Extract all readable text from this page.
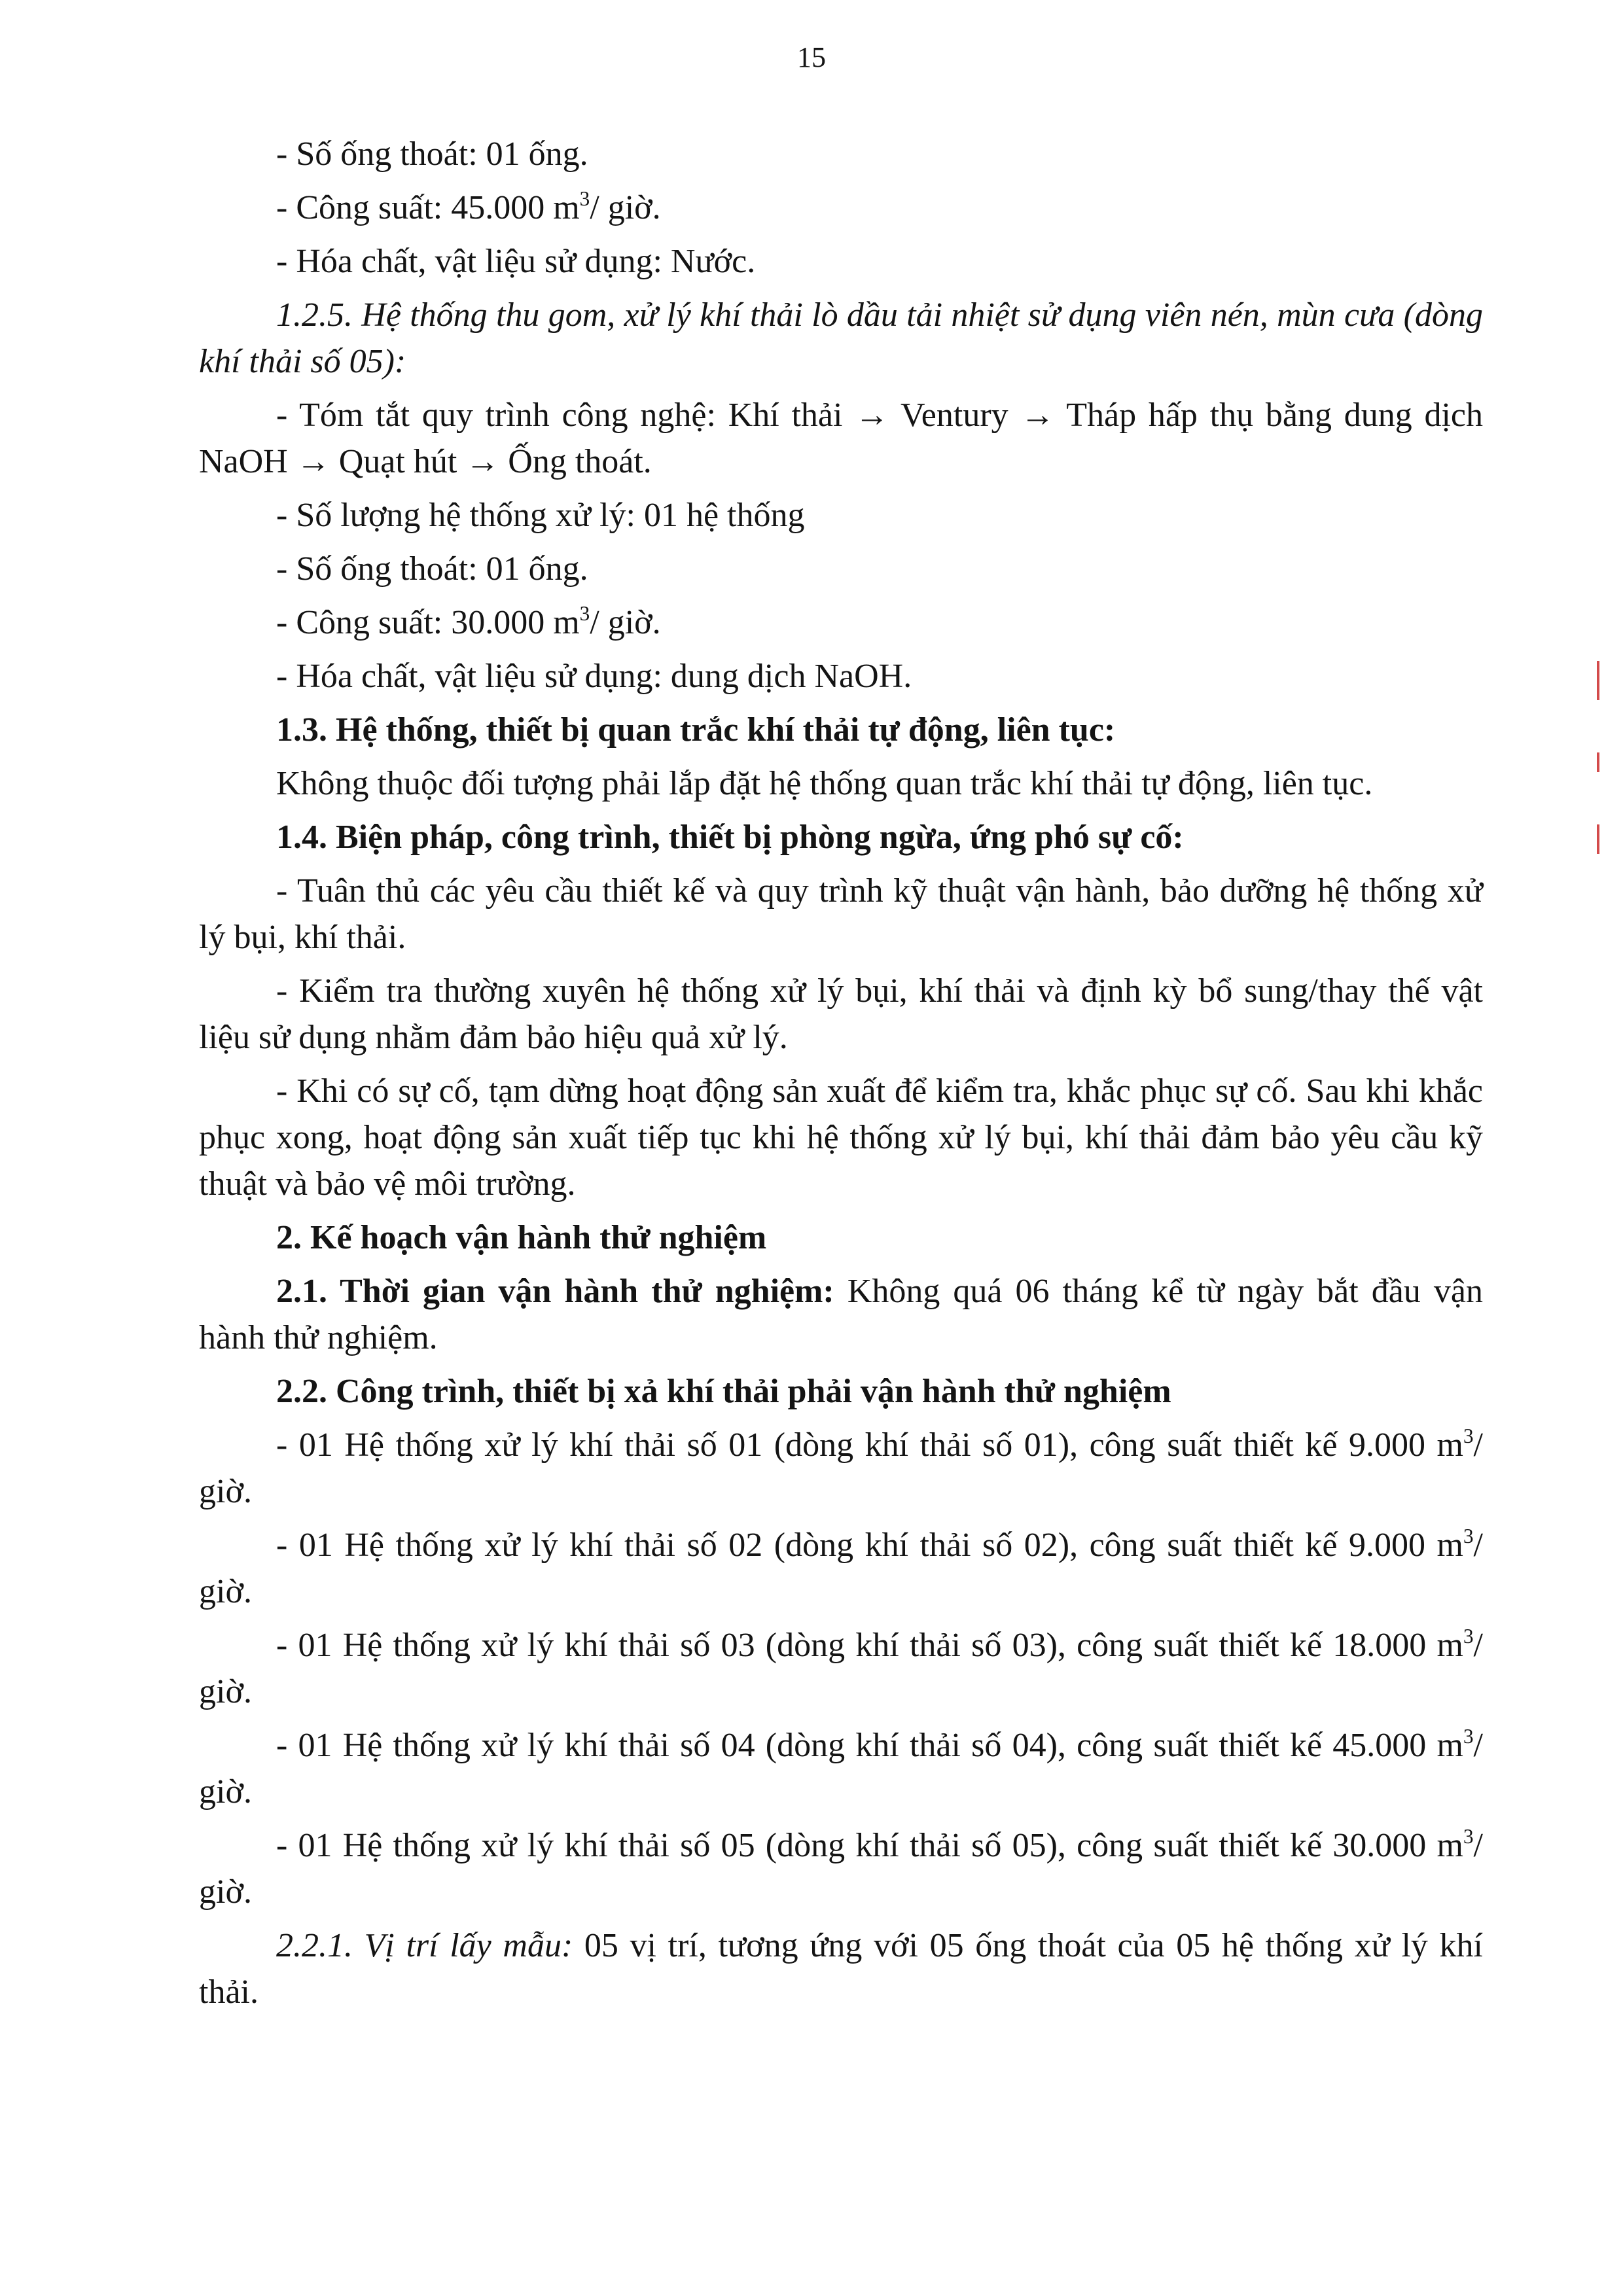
15

- Số ống thoát: 01 ống.

- Công suất: 45.000 $m^3/$ giờ.

- Hóa chất, vật liệu sử dụng: Nước.

1.2.5. Hệ thống thu gom, xử lý khí thải lò dầu tải nhiệt sử dụng viên nén, mùn cưa (dòng khí thải số 05):

- Tóm tắt quy trình công nghệ: Khí thải → Ventury → Tháp hấp thụ bằng dung dịch NaOH → Quạt hút → Ống thoát.

- Số lượng hệ thống xử lý: 01 hệ thống

- Số ống thoát: 01 ống.

- Công suất: 30.000 $m^3/$ giờ.

- Hóa chất, vật liệu sử dụng: dung dịch NaOH.

1.3. Hệ thống, thiết bị quan trắc khí thải tự động, liên tục:

Không thuộc đối tượng phải lắp đặt hệ thống quan trắc khí thải tự động, liên tục.

1.4. Biện pháp, công trình, thiết bị phòng ngừa, ứng phó sự cố:

- Tuân thủ các yêu cầu thiết kế và quy trình kỹ thuật vận hành, bảo dưỡng hệ thống xử lý bụi, khí thải.

- Kiểm tra thường xuyên hệ thống xử lý bụi, khí thải và định kỳ bổ sung/thay thế vật liệu sử dụng nhằm đảm bảo hiệu quả xử lý.

- Khi có sự cố, tạm dừng hoạt động sản xuất để kiểm tra, khắc phục sự cố. Sau khi khắc phục xong, hoạt động sản xuất tiếp tục khi hệ thống xử lý bụi, khí thải đảm bảo yêu cầu kỹ thuật và bảo vệ môi trường.

2. Kế hoạch vận hành thử nghiệm

2.1. Thời gian vận hành thử nghiệm: Không quá 06 tháng kể từ ngày bắt đầu vận hành thử nghiệm.

2.2. Công trình, thiết bị xả khí thải phải vận hành thử nghiệm

- 01 Hệ thống xử lý khí thải số 01 (dòng khí thải số 01), công suất thiết kế 9.000 $m^3/$ giờ.

- 01 Hệ thống xử lý khí thải số 02 (dòng khí thải số 02), công suất thiết kế 9.000 $m^3/$ giờ.

- 01 Hệ thống xử lý khí thải số 03 (dòng khí thải số 03), công suất thiết kế 18.000 $m^3/$ giờ.

- 01 Hệ thống xử lý khí thải số 04 (dòng khí thải số 04), công suất thiết kế 45.000 $m^3/$ giờ.

- 01 Hệ thống xử lý khí thải số 05 (dòng khí thải số 05), công suất thiết kế 30.000 $m^3/$ giờ.

2.2.1. Vị trí lấy mẫu: 05 vị trí, tương ứng với 05 ống thoát của 05 hệ thống xử lý khí thải.
